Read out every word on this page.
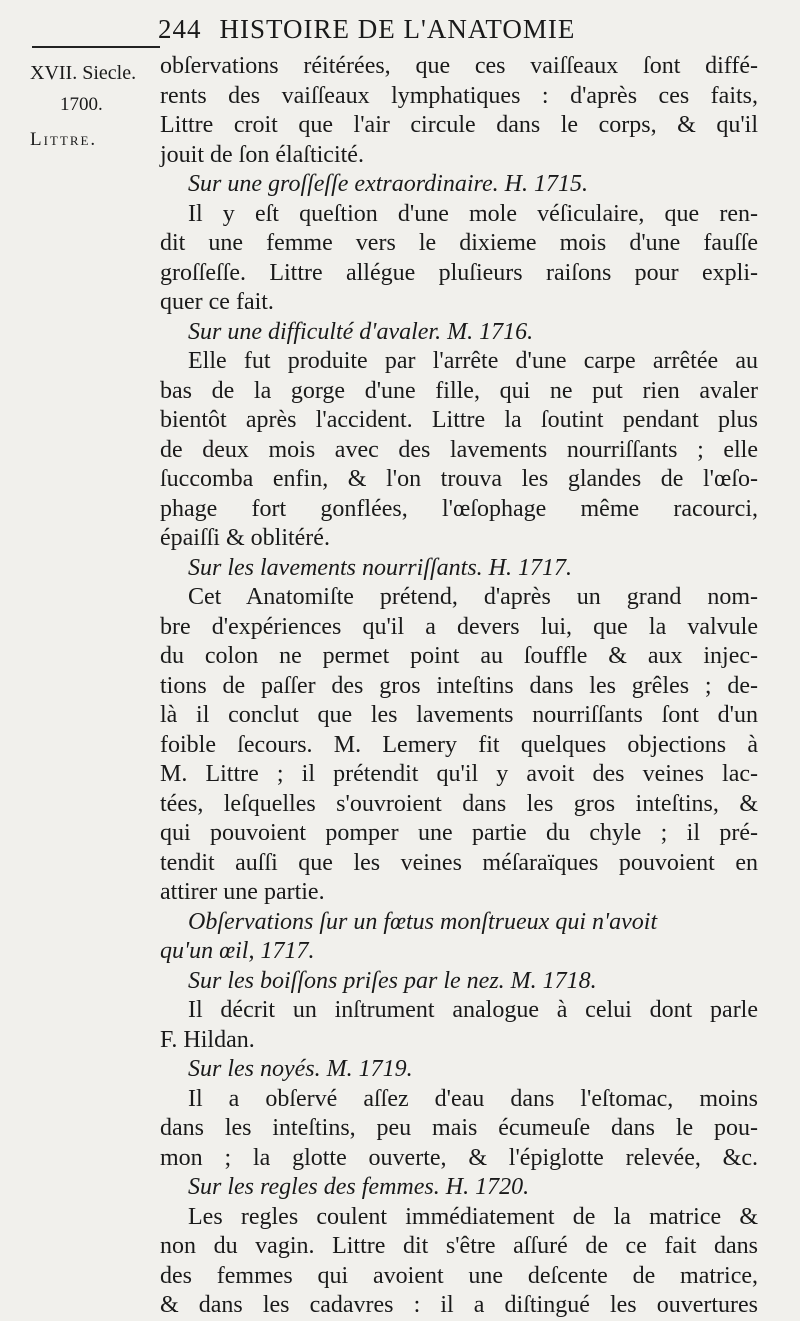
244 HISTOIRE DE L'ANATOMIE
XVII. Siecle.
1700.
Littre.
obſervations réitérées, que ces vaiſſeaux ſont diffé-
rents des vaiſſeaux lymphatiques : d'après ces faits,
Littre croit que l'air circule dans le corps, & qu'il
jouit de ſon élaſticité.
Sur une groſſeſſe extraordinaire. H. 1715.
Il y eſt queſtion d'une mole véſiculaire, que ren-
dit une femme vers le dixieme mois d'une fauſſe
groſſeſſe. Littre allégue pluſieurs raiſons pour expli-
quer ce fait.
Sur une difficulté d'avaler. M. 1716.
Elle fut produite par l'arrête d'une carpe arrêtée au
bas de la gorge d'une fille, qui ne put rien avaler
bientôt après l'accident. Littre la ſoutint pendant plus
de deux mois avec des lavements nourriſſants ; elle
ſuccomba enfin, & l'on trouva les glandes de l'œſo-
phage fort gonflées, l'œſophage même racourci,
épaiſſi & oblitéré.
Sur les lavements nourriſſants. H. 1717.
Cet Anatomiſte prétend, d'après un grand nom-
bre d'expériences qu'il a devers lui, que la valvule
du colon ne permet point au ſouffle & aux injec-
tions de paſſer des gros inteſtins dans les grêles ; de-
là il conclut que les lavements nourriſſants ſont d'un
foible ſecours. M. Lemery fit quelques objections à
M. Littre ; il prétendit qu'il y avoit des veines lac-
tées, leſquelles s'ouvroient dans les gros inteſtins, &
qui pouvoient pomper une partie du chyle ; il pré-
tendit auſſi que les veines méſaraïques pouvoient en
attirer une partie.
Obſervations ſur un fœtus monſtrueux qui n'avoit
qu'un œil, 1717.
Sur les boiſſons priſes par le nez. M. 1718.
Il décrit un inſtrument analogue à celui dont parle
F. Hildan.
Sur les noyés. M. 1719.
Il a obſervé aſſez d'eau dans l'eſtomac, moins
dans les inteſtins, peu mais écumeuſe dans le pou-
mon ; la glotte ouverte, & l'épiglotte relevée, &c.
Sur les regles des femmes. H. 1720.
Les regles coulent immédiatement de la matrice &
non du vagin. Littre dit s'être aſſuré de ce fait dans
des femmes qui avoient une deſcente de matrice,
& dans les cadavres : il a diſtingué les ouvertures
